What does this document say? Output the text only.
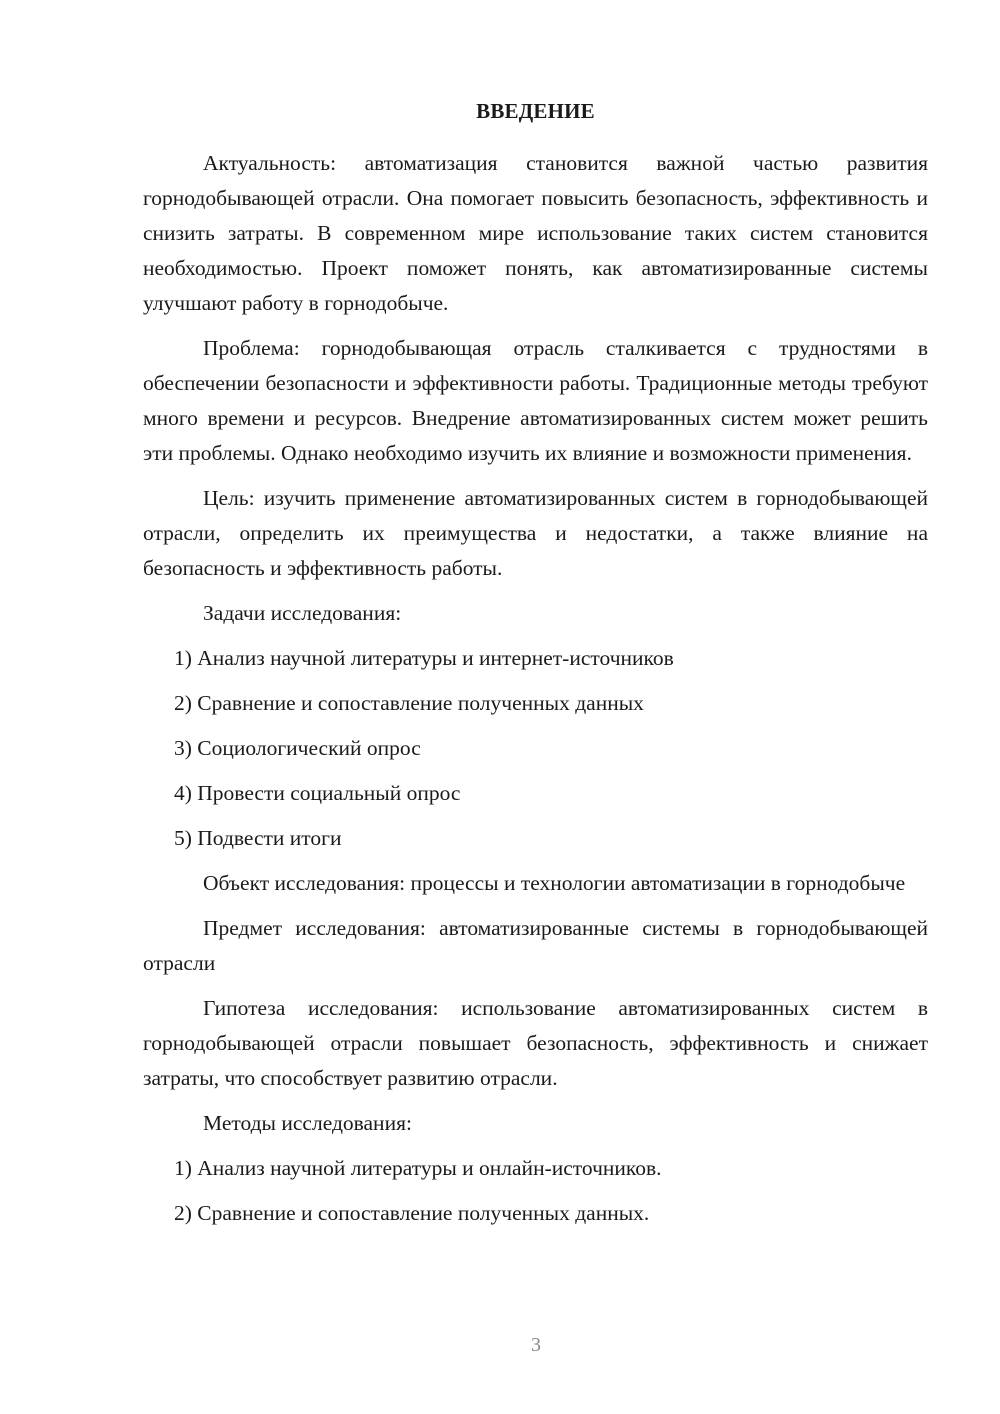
ВВЕДЕНИЕ

Актуальность: автоматизация становится важной частью развития горнодобывающей отрасли. Она помогает повысить безопасность, эффективность и снизить затраты. В современном мире использование таких систем становится необходимостью. Проект поможет понять, как автоматизированные системы улучшают работу в горнодобыче.

Проблема: горнодобывающая отрасль сталкивается с трудностями в обеспечении безопасности и эффективности работы. Традиционные методы требуют много времени и ресурсов. Внедрение автоматизированных систем может решить эти проблемы. Однако необходимо изучить их влияние и возможности применения.

Цель: изучить применение автоматизированных систем в горнодобывающей отрасли, определить их преимущества и недостатки, а также влияние на безопасность и эффективность работы.

Задачи исследования:
1) Анализ научной литературы и интернет-источников
2) Сравнение и сопоставление полученных данных
3) Социологический опрос
4) Провести социальный опрос
5) Подвести итоги

Объект исследования: процессы и технологии автоматизации в горнодобыче

Предмет исследования: автоматизированные системы в горнодобывающей отрасли

Гипотеза исследования: использование автоматизированных систем в горнодобывающей отрасли повышает безопасность, эффективность и снижает затраты, что способствует развитию отрасли.

Методы исследования:
1) Анализ научной литературы и онлайн-источников.
2) Сравнение и сопоставление полученных данных.
3
